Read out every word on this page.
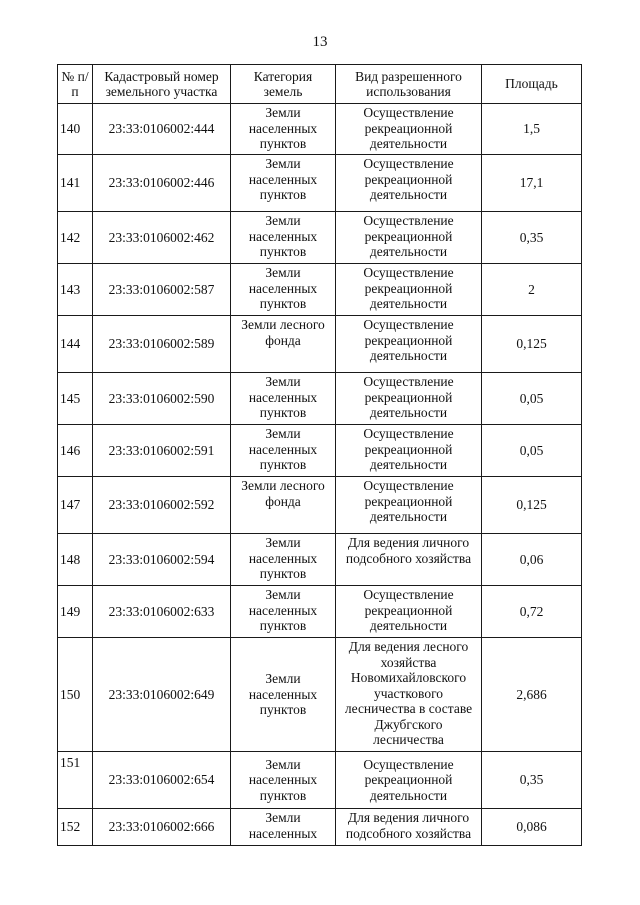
13
№ п/п	Кадастровый номер земельного участка	Категория земель	Вид разрешенного использования	Площадь
140	23:33:0106002:444	Земли населенных пунктов	Осуществление рекреационной деятельности	1,5
141	23:33:0106002:446	Земли населенных пунктов	Осуществление рекреационной деятельности	17,1
142	23:33:0106002:462	Земли населенных пунктов	Осуществление рекреационной деятельности	0,35
143	23:33:0106002:587	Земли населенных пунктов	Осуществление рекреационной деятельности	2
144	23:33:0106002:589	Земли лесного фонда	Осуществление рекреационной деятельности	0,125
145	23:33:0106002:590	Земли населенных пунктов	Осуществление рекреационной деятельности	0,05
146	23:33:0106002:591	Земли населенных пунктов	Осуществление рекреационной деятельности	0,05
147	23:33:0106002:592	Земли лесного фонда	Осуществление рекреационной деятельности	0,125
148	23:33:0106002:594	Земли населенных пунктов	Для ведения личного подсобного хозяйства	0,06
149	23:33:0106002:633	Земли населенных пунктов	Осуществление рекреационной деятельности	0,72
150	23:33:0106002:649	Земли населенных пунктов	Для ведения лесного хозяйства Новомихайловского участкового лесничества в составе Джубгского лесничества	2,686
151	23:33:0106002:654	Земли населенных пунктов	Осуществление рекреационной деятельности	0,35
152	23:33:0106002:666	Земли населенных	Для ведения личного подсобного хозяйства	0,086
